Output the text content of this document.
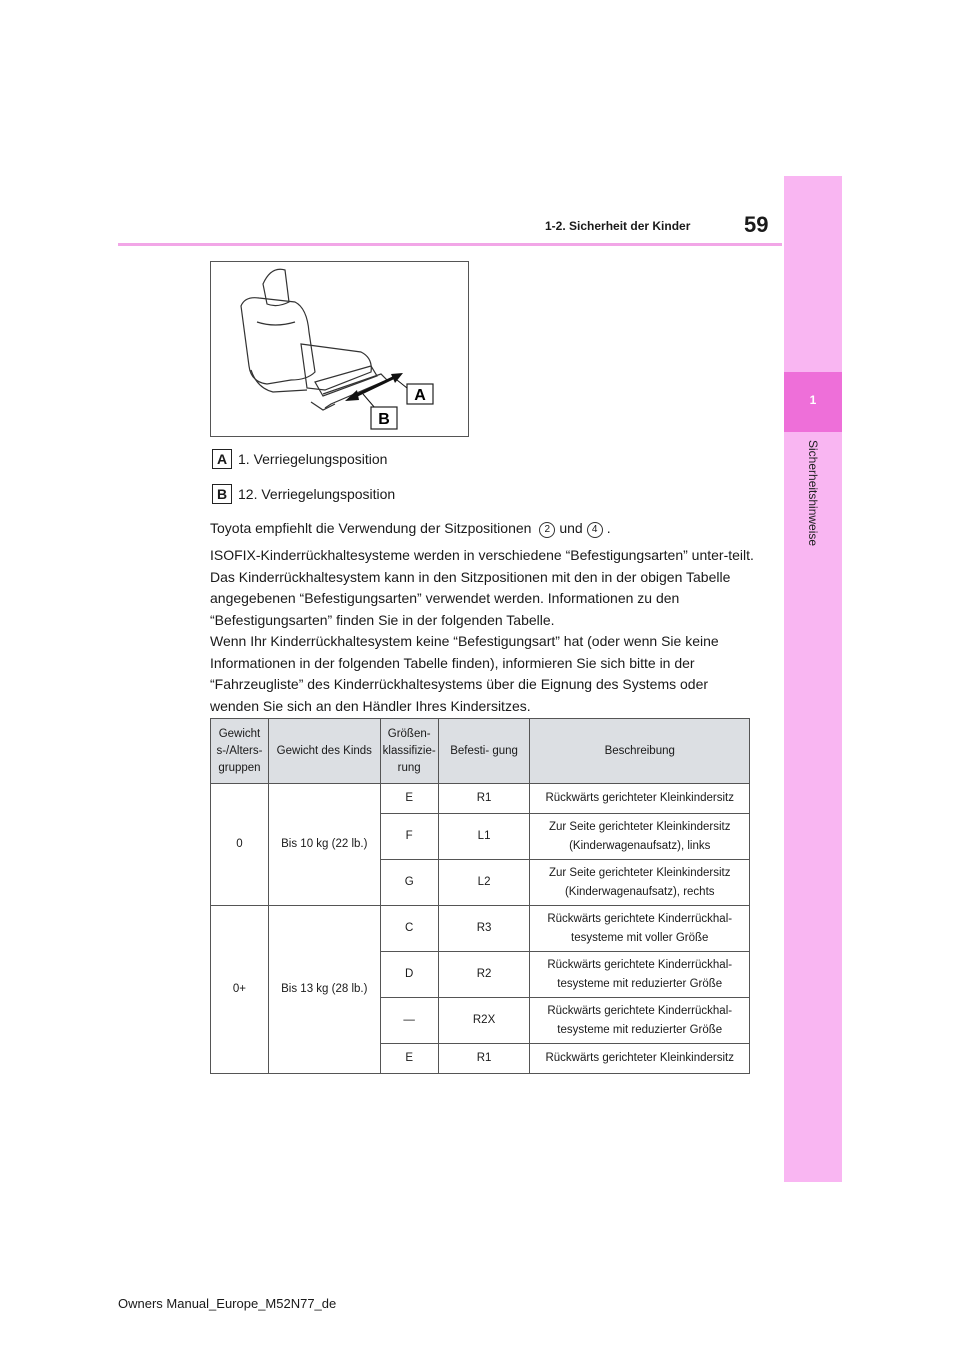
1
Sicherheitshinweise
59
1-2. Sicherheit der Kinder
A
B
A 1. Verriegelungsposition
B 12. Verriegelungsposition
Toyota empfiehlt die Verwendung der Sitzpositionen 2 und 4 .
ISOFIX-Kinderrückhaltesysteme werden in verschiedene “Befestigungsarten” unter-teilt. Das Kinderrückhaltesystem kann in den Sitzpositionen mit den in der obigen Tabelle angegebenen “Befestigungsarten” verwendet werden. Informationen zu den “Befestigungsarten” finden Sie in der folgenden Tabelle.
Wenn Ihr Kinderrückhaltesystem keine “Befestigungsart” hat (oder wenn Sie keine Informationen in der folgenden Tabelle finden), informieren Sie sich bitte in der “Fahrzeugliste” des Kinderrückhaltesystems über die Eignung des Systems oder wenden Sie sich an den Händler Ihres Kindersitzes.
Gewicht s-/Alters- gruppen	Gewicht des Kinds	Größen- klassifizie- rung	Befesti- gung	Beschreibung
0	Bis 10 kg (22 lb.)	E	R1	Rückwärts gerichteter Kleinkindersitz
		F	L1	Zur Seite gerichteter Kleinkindersitz (Kinderwagenaufsatz), links
		G	L2	Zur Seite gerichteter Kleinkindersitz (Kinderwagenaufsatz), rechts
0+	Bis 13 kg (28 lb.)	C	R3	Rückwärts gerichtete Kinderrückhal-tesysteme mit voller Größe
		D	R2	Rückwärts gerichtete Kinderrückhal-tesysteme mit reduzierter Größe
		—	R2X	Rückwärts gerichtete Kinderrückhal-tesysteme mit reduzierter Größe
		E	R1	Rückwärts gerichteter Kleinkindersitz
Owners Manual_Europe_M52N77_de
